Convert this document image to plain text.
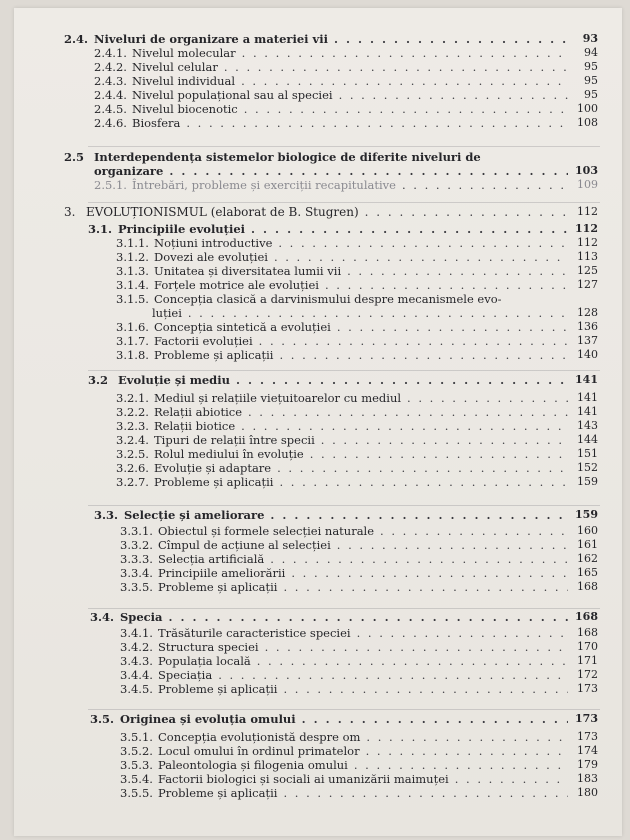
2.4. Niveluri de organizare a materiei vii . . .	93
2.4.1. Nivelul molecular . . .	94
2.4.2. Nivelul celular . . .	95
2.4.3. Nivelul individual . . .	95
2.4.4. Nivelul populațional sau al speciei . . .	95
2.4.5. Nivelul biocenotic . . .	100
2.4.6. Biosfera . . .	108
2.5 Interdependența sistemelor biologice de diferite niveluri de
organizare . . .	103
2.5.1. Întrebări, probleme și exerciții recapitulative . . .	109
3. EVOLUȚIONISMUL (elaborat de B. Stugren) . . .	112
3.1. Principiile evoluției . . .	112
3.1.1. Noțiuni introductive . . .	112
3.1.2. Dovezi ale evoluției . . .	113
3.1.3. Unitatea și diversitatea lumii vii . . .	125
3.1.4. Forțele motrice ale evoluției . . .	127
3.1.5. Concepția clasică a darvinismului despre mecanismele evo-
luției . . .	128
3.1.6. Concepția sintetică a evoluției . . .	136
3.1.7. Factorii evoluției . . .	137
3.1.8. Probleme și aplicații . . .	140
3.2 Evoluție și mediu . . .	141
3.2.1. Mediul și relațiile viețuitoarelor cu mediul . . .	141
3.2.2. Relații abiotice . . .	141
3.2.3. Relații biotice . . .	143
3.2.4. Tipuri de relații între specii . . .	144
3.2.5. Rolul mediului în evoluție . . .	151
3.2.6. Evoluție și adaptare . . .	152
3.2.7. Probleme și aplicații . . .	159
3.3. Selecție și ameliorare . . .	159
3.3.1. Obiectul și formele selecției naturale . . .	160
3.3.2. Cîmpul de acțiune al selecției . . .	161
3.3.3. Selecția artificială . . .	162
3.3.4. Principiile ameliorării . . .	165
3.3.5. Probleme și aplicații . . .	168
3.4. Specia . . .	168
3.4.1. Trăsăturile caracteristice speciei . . .	168
3.4.2. Structura speciei . . .	170
3.4.3. Populația locală . . .	171
3.4.4. Speciația . . .	172
3.4.5. Probleme și aplicații . . .	173
3.5. Originea și evoluția omului . . .	173
3.5.1. Concepția evoluționistă despre om . . .	173
3.5.2. Locul omului în ordinul primatelor . . .	174
3.5.3. Paleontologia și filogenia omului . . .	179
3.5.4. Factorii biologici și sociali ai umanizării maimuței . . .	183
3.5.5. Probleme și aplicații . . .	180
